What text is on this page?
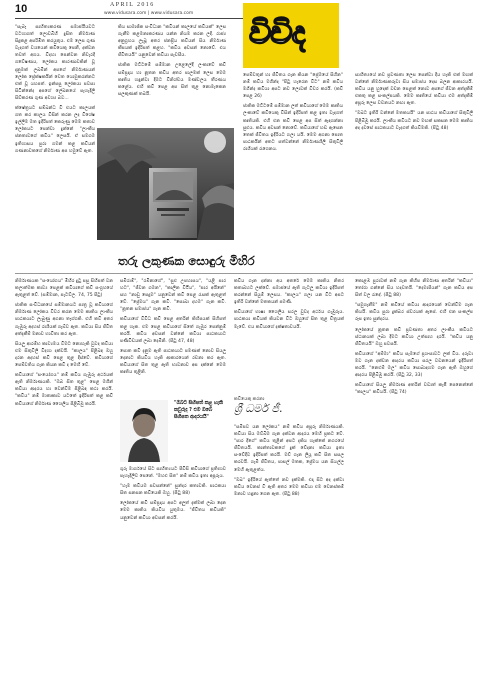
10	APRIL 2016
www.vidusara.com | www.vidusara.com
විචිද

"සැබෑ සාහිත්‍යකරණ සමාජයීයවට වටහාගත් ලොවබිහි දුසිත නිර්මාණ සිදුකළ අපරිමිත කරයුතුය. එම ලෙස ගුණ වැදගත් වශයෙන් කවියෙකු පෙනී, දක්වන තවත් අගය. විදහා පෙන්වන නිවැරදි ගවේෂණය, ලෝකය කාරණාවකින් වූ දැනුමක් ලබමින් අපගේ නිර්මාණයන් ලෝක ප්‍රේක්ෂකයින් වෙත යොමුකරන්නට එක් වූ යහපත්. ඉන්පසු ලෝකයා පවසා සිටින්නේද අපගේ ලේඛනයේ පැහැදිලි සිව්කරණ ගුණ අවශ්‍ය බව...

ක්ෂේත්‍රයට සම්බන්ධ වී එයට කාලයක් ගත කර කාලය විසින් කරන ලද විශේෂ ඉල්ලීම මත ඉදිරිපත් කෙරුණු මෙම කතාව ලෝකයට පෙන්වා දුන්නේ "ලාංකීය ජනතාවගේ කවිය" ලෙසයි. ඒ සමගම ඉතිහාසය පුරා ගමන් කළ කවියන් ගණනාවකගේ නිර්මාණ අප හමුවේ ඇත.

කිය සාමාජික සංවිධාන "කවියන් කාලයේ කවියක්" ලෙස ගැනීම කළමනාකරණය යන්න නියම කරන ලදී. රාජ්‍ය අනුග්‍රහය ලැබූ අතර ජනප්‍රිය කවියන් සිය නිර්මාණ කීපයක් ඉදිරිපත් කළහ. "කවිය අවසන් නොවේ. එය ජීවිතයයි" යනුවෙන් කවියා පැවසීය.

ජාතික මට්ටමේ සම්මාන උළෙලේදී ලංකාවේ කවි සම්ප්‍රදාය හා නූතන කවිය අතර පාලමක් ලෙස මෙම කෘතිය හඳුන්වා දීමට විනිශ්චය මණ්ඩලය තීරණය කළේය. එහි කවි පෙළ අප සිත් තුළ නොමැකෙන සලකුණක් තබයි.

පෙම්වතුන් හා ජීවිතය ගැන කියන "ප්‍රේමයේ සිහින" නම් කවිය මගින්ද "පිටු හැරෙන විට" නම් කවිය මගින්ද කවියා අපට නව ලොවක් විවර කරයි. (කවි පෙළ 26)

ජාතික මට්ටමේ සම්මාන ලත් කවියාගේ මෙම කෘතිය ලංකාවේ කවියෙකු විසින් ඉදිරිපත් කළ ඉතා වැදගත් කෘතියකි. එහි එන කවි පෙළ අප සිත් ඇඳගන්නා සුළුය. කවිය අවසන් නොවේ. කවියාගේ හඬ ඇසෙන තෙක් ජීවිතය ඉදිරියට ගලා යයි. මෙම අගනා පොත පාඨකයින් අතට පත්වන්නේ නිර්මාණශීලී සිතුවිලි රාශියක් රැගෙනය.

සාහිත්‍යයේ නව ප්‍රවණතා ලෙස පෙන්වා දිය හැකි එක් මඟක් වන්නේ නිර්මාණකරුවා සිය සමාජය දෙස බලන ආකාරයයි. කවිය යනු හුදෙක් වචන පෙළක් නොව අපගේ ජීවන අත්දැකීම් එකතු කළ සංකල්පයකි. මෙම කෘතියේ කවියා එම අත්දැකීම් අපූරු ලෙස වචනයට නඟා ඇත.

"ඔබට ඉතිරි වන්නේ මතකයයි" යන පාඨය කවියාගේ සිතුවිලි පිළිබිඹු කරයි. ලාංකීය කවියට නව මඟක් සකසන මෙම කෘතිය අද දවසේ පාඨකයාට වැදගත් කියවීමකි. (පිටු 48)

තරු ලකුණක සොඳුරු මිහිර

නිර්මාණයක "සංයෝගය" මිහිර දුටු පසු සිහිපත් වන කලාත්මක කාව්‍ය පෙළක් කවියාගේ කවි සංග්‍රහයේ ඇතුළත් වේ. (සම්මාන, පැටව්ල. 74, 75 පිටු)

ජාතික සංවිධානයේ සම්මානයට පාත්‍ර වූ කවියාගේ නිර්මාණ ලෝකය විවර කරන මෙම කෘතිය ලාංකීය පාඨකයාට ලැබුණු අගනා තෑග්ගකි. එහි කවි අතර ගැඹුරු අදහස් රාශියක් ගැබ්ව ඇත. කවියා සිය ජීවිත අත්දැකීම් මනාව භාවිතා කර ඇත.

සියලු ආරම්භ කාව්‍යමය වීමට නොහැකි වුවද කවියා එම සිතුවිලි විදහා දක්වයි. "කාලය" පිළිබඳ ඔහු දරන අදහස් කවි පෙළ තුළ දිස්වේ. කවියාගේ පෙම්වතිය ගැන කියන කවි ද මෙහි වේ.

කවියාගේ "සංයෝගය" නම් කවිය ගැඹුරු අර්ථයක් ඇති නිර්මාණයකි. "ඔබ සිත තුළ" පෙළ මගින් කවියා ආදරය හා වෙන්වීම පිළිබඳ කථා කරයි. "කවිය" නම් මාතෘකාව යටතේ ඉදිරිපත් කළ කවි කවියාගේ නිර්මාණ ශෛලිය පිළිබිඹු කරයි.

සමීරාම්", "රමීනාගේ", "සුළු උපහාසය", "යළි පාර හට", "ජීවන ගමන", "කාලීන වීථිය", "පාර අයිනේ" සහ "නාඩු පෙදුම" යනුවෙන් කවි පෙළ රැසක් ඇතුළත් වේ. "ප්‍රේමය" ගැන කවි. "සොබා දහම" ගැන කවි. "නූතන සමාජය" ගැන කවි.

කවියාගේ විවිධ කවි පෙළ අතරින් කිහිපයක් සිහිපත් කළ හැක. එම පෙළ කවියාගේ සිතේ ගැඹුර පෙන්නුම් කරයි. කවිය අවසන් වන්නේ කවියා පාඨකයාට පණිවිඩයක් ලබා දෙමිනි. (පිටු 47, 48)

පොත කවි දැනුම ඇති පාඨකයාට පමණක් නොව සියලු දෙනාට කියවිය හැකි ආකාරයෙන් රචනා කර ඇත. කවියාගේ සිත තුළ ඇති භාවනාව අප දක්නේ මෙම කෘතිය තුළිනි.

"ඔබට සිහිපත් කළ හැකි කවුරුද ? එම ඔබේ සිහිපත ආදරයයි"

ගුරු මාර්ගයේ සිට සාහිත්‍යයට පිවිසි කවියාගේ ප්‍රතිභාව පැහැදිලිව පෙනේ. "මහළු සිත" නම් කවිය ඉතා අපූරුය.

"හැම කවියම පවසන්නේ" සුන්දර කතාවකි. පාඨකයා සිත සනසන කවියෙකි ඔහු. (පිටු 88)

ලෝකයේ කවි සම්ප්‍රදාය අපට අලුත් දැක්මක් ලබා දෙන මෙම කෘතිය කියවිය යුතුමය. "ජීවිතය කවියකි" යනුවෙන් කවියා අවසන් කරයි.

කවිය ගැන දන්නා අය අතරේ මෙම කෘතිය නිතර කතාබහට ලක්වේ. සමාජයේ ඇති ගැටලු කවියා ඉදිරිපත් කරන්නේ සියුම් ලෙසය. "කාලය" ගලා යන විට අපට ඉතිරි වන්නේ මතකයන් පමණි.

කවියාගේ භාෂා ශෛලිය සරල වුවද අර්ථය ගැඹුරුය. පාඨකයා කවියක් කියවන විට ඔහුගේ සිත තුළ චිත්‍රයක් මැවේ. එය කවියාගේ දක්ෂතාවයයි.

කවියෙකු කරනා
ශ්‍රී ධර්ම ජී.

"සමීපව යන ලෝකය" නම් කවිය අපූරු නිර්මාණයකි. කවියා සිය මව්බිම ගැන දක්වන ආදරය මෙහි ප්‍රකට වේ. "පාර දිගේ" කවිය තුළින් අපට දැකිය හැක්කේ නගරයේ ජීවිතයයි. කාන්තාවකගේ දුක් වේදනා කවියා ඉතා සංවේදීව ඉදිරිපත් කරයි. මව් ගැන ලියූ කවි සිත සසල කරවයි. ගැමි ජීවිතය, පාසල් මතක, ප්‍රේමය යන සියල්ල මෙහි ඇතුළත්ය.

"ඔබ" ඉදිරියේ ඇත්තේ නව දැක්මකි. එදා සිට අද දක්වා කවිය වෙනස් වී ඇති අතර මෙම කවියා එම වෙනස්කම් මනාව හඳුනා ගෙන ඇත. (පිටු 88)

කොළඹ පුරාවක් නම් ගැන කිහිප නිර්මාණ අතරින් "කවියා" තෝරා ගන්නේ සිය හදවතයි. "දෙමාපියන්" ගැන කවිය අප සිත් වල රැඳේ. (පිටු 88)

"සමුගැනීම" නම් කවියේ කවියා ආදරයෙන් වෙන්වීම ගැන කියයි. කවිය පුරා දුක්බර ස්වරයක් ඇසේ. එහි එන සංකල්ප රූප ඉතා සුන්දරය.

ලෝකයේ නූතන කවි ප්‍රවණතා අතර ලාංකීය කවියට ස්ථානයක් ලබා දීමට කවියා උත්සාහ දරයි. "කවිය යනු ජීවිතයයි" ඔහු පවසයි.

කවියාගේ "අම්මා" කවිය සැමගේ ප්‍රශංසාවට ලක් විය. දරුවා මව ගැන දක්වන ආදරය කවියා සරල වචනයෙන් ඉදිරිපත් කරයි. "නෙළුම් මල" කවිය සොබාදහම ගැන ඇති ඔහුගේ ආදරය පිළිබිඹු කරයි. (පිටු 32, 33)

කවියාගේ සියලු නිර්මාණ අතරින් වඩාත් කැපී පෙනෙන්නේ "කාලය" කවියයි. (පිටු 74)
